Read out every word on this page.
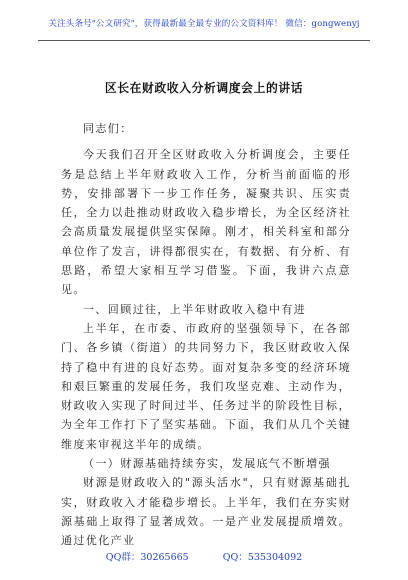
关注头条号"公文研究"，获得最新最全最专业的公文资料库！ 微信：gongwenyj
区长在财政收入分析调度会上的讲话

同志们：

今天我们召开全区财政收入分析调度会，主要任务是总结上半年财政收入工作，分析当前面临的形势，安排部署下一步工作任务，凝聚共识、压实责任，全力以赴推动财政收入稳步增长，为全区经济社会高质量发展提供坚实保障。刚才，相关科室和部分单位作了发言，讲得都很实在，有数据、有分析、有思路，希望大家相互学习借鉴。下面，我讲六点意见。

一、回顾过往，上半年财政收入稳中有进

上半年，在市委、市政府的坚强领导下，在各部门、各乡镇（街道）的共同努力下，我区财政收入保持了稳中有进的良好态势。面对复杂多变的经济环境和艰巨繁重的发展任务，我们攻坚克难、主动作为，财政收入实现了时间过半、任务过半的阶段性目标，为全年工作打下了坚实基础。下面，我们从几个关键维度来审视这半年的成绩。

（一）财源基础持续夯实，发展底气不断增强

财源是财政收入的"源头活水"，只有财源基础扎实，财政收入才能稳步增长。上半年，我们在夯实财源基础上取得了显著成效。一是产业发展提质增效。通过优化产业

QQ群：30265665	QQ：535304092
